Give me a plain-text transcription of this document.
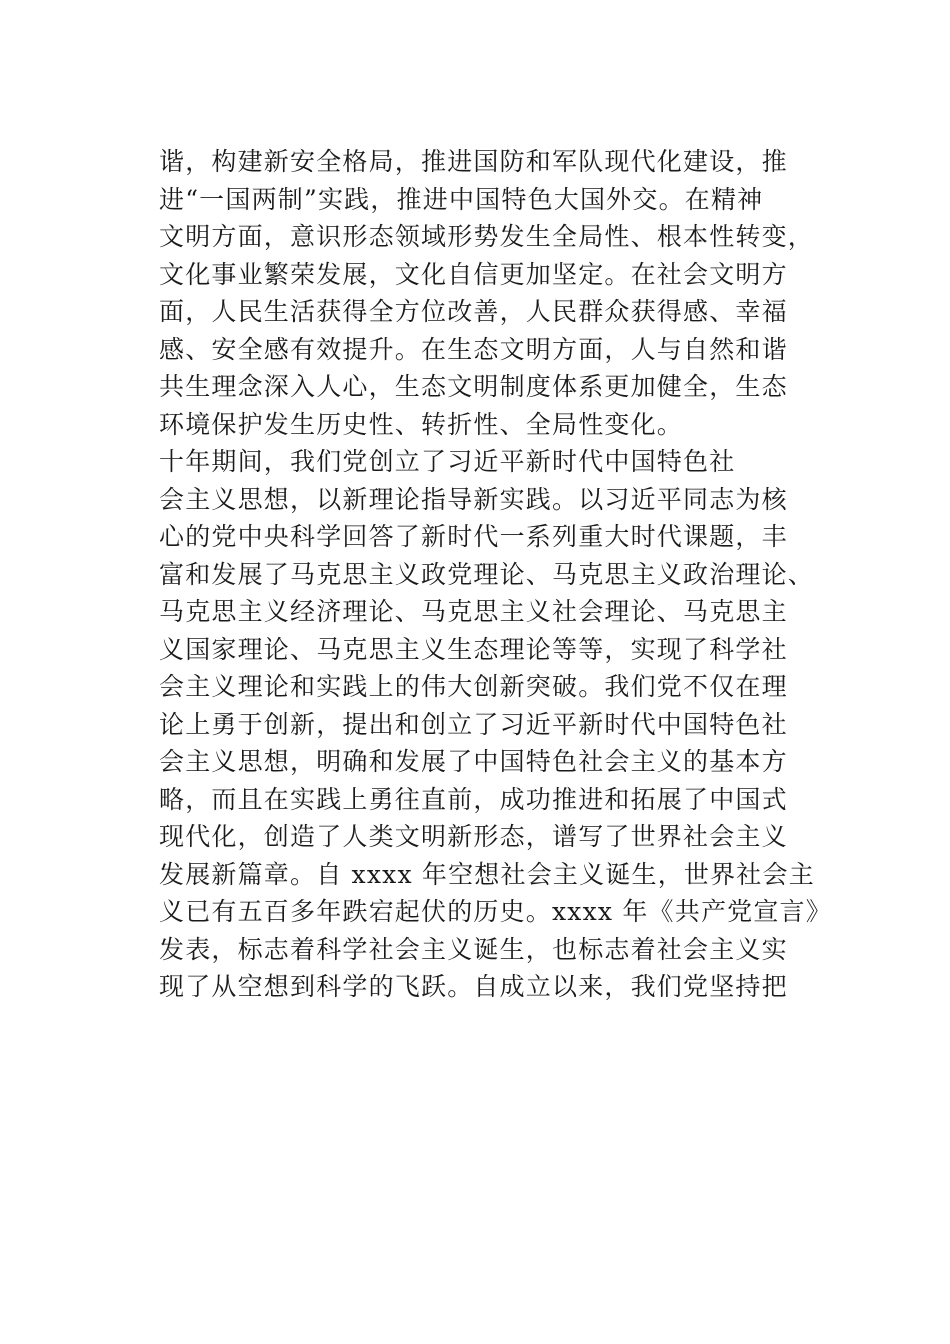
谐，构建新安全格局，推进国防和军队现代化建设，推
进“一国两制”实践，推进中国特色大国外交。在精神
文明方面，意识形态领域形势发生全局性、根本性转变，
文化事业繁荣发展，文化自信更加坚定。在社会文明方
面，人民生活获得全方位改善，人民群众获得感、幸福
感、安全感有效提升。在生态文明方面，人与自然和谐
共生理念深入人心，生态文明制度体系更加健全，生态
环境保护发生历史性、转折性、全局性变化。
十年期间，我们党创立了习近平新时代中国特色社
会主义思想，以新理论指导新实践。以习近平同志为核
心的党中央科学回答了新时代一系列重大时代课题，丰
富和发展了马克思主义政党理论、马克思主义政治理论、
马克思主义经济理论、马克思主义社会理论、马克思主
义国家理论、马克思主义生态理论等等，实现了科学社
会主义理论和实践上的伟大创新突破。我们党不仅在理
论上勇于创新，提出和创立了习近平新时代中国特色社
会主义思想，明确和发展了中国特色社会主义的基本方
略，而且在实践上勇往直前，成功推进和拓展了中国式
现代化，创造了人类文明新形态，谱写了世界社会主义
发展新篇章。自 xxxx 年空想社会主义诞生，世界社会主
义已有五百多年跌宕起伏的历史。xxxx 年《共产党宣言》
发表，标志着科学社会主义诞生，也标志着社会主义实
现了从空想到科学的飞跃。自成立以来，我们党坚持把
